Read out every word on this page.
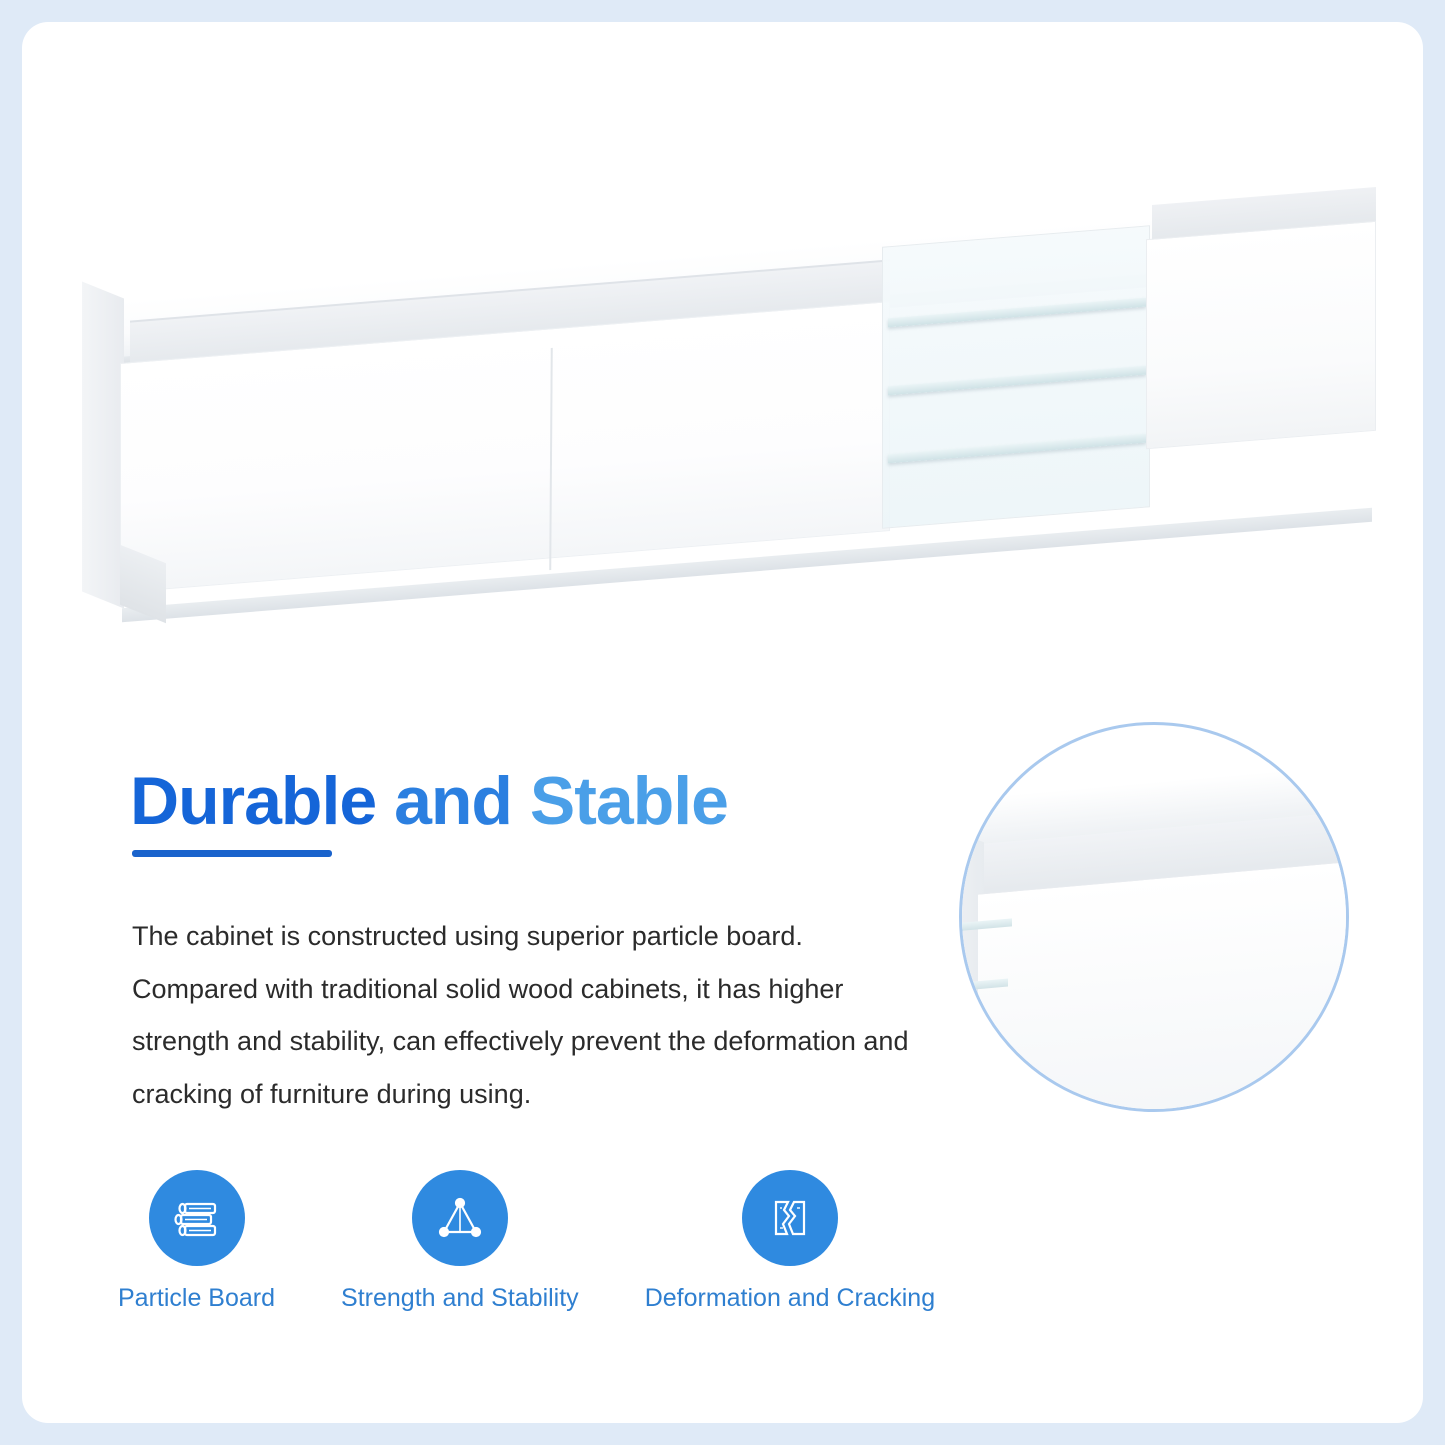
Durable and Stable

The cabinet is constructed using superior particle board. Compared with traditional solid wood cabinets, it has higher strength and stability, can effectively prevent the deformation and cracking of furniture during using.

Particle Board	Strength and Stability	Deformation and Cracking
